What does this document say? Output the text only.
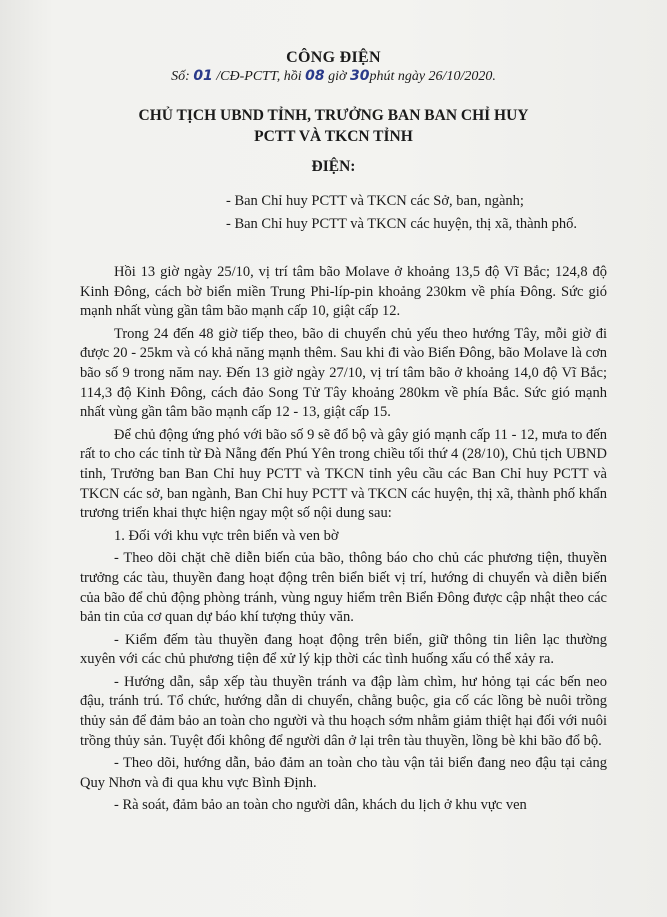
CÔNG ĐIỆN
Số: 01 /CĐ-PCTT, hồi 08 giờ 30phút ngày 26/10/2020.
CHỦ TỊCH UBND TỈNH, TRƯỞNG BAN BAN CHỈ HUY
PCTT VÀ TKCN TỈNH
ĐIỆN:
- Ban Chỉ huy PCTT và TKCN các Sở, ban, ngành;
- Ban Chỉ huy PCTT và TKCN các huyện, thị xã, thành phố.

Hồi 13 giờ ngày 25/10, vị trí tâm bão Molave ở khoảng 13,5 độ Vĩ Bắc; 124,8 độ Kinh Đông, cách bờ biển miền Trung Phi-líp-pin khoảng 230km về phía Đông. Sức gió mạnh nhất vùng gần tâm bão mạnh cấp 10, giật cấp 12.

Trong 24 đến 48 giờ tiếp theo, bão di chuyển chủ yếu theo hướng Tây, mỗi giờ đi được 20 - 25km và có khả năng mạnh thêm. Sau khi đi vào Biển Đông, bão Molave là cơn bão số 9 trong năm nay. Đến 13 giờ ngày 27/10, vị trí tâm bão ở khoảng 14,0 độ Vĩ Bắc; 114,3 độ Kinh Đông, cách đảo Song Tử Tây khoảng 280km về phía Bắc. Sức gió mạnh nhất vùng gần tâm bão mạnh cấp 12 - 13, giật cấp 15.

Để chủ động ứng phó với bão số 9 sẽ đổ bộ và gây gió mạnh cấp 11 - 12, mưa to đến rất to cho các tỉnh từ Đà Nẵng đến Phú Yên trong chiều tối thứ 4 (28/10), Chủ tịch UBND tỉnh, Trưởng ban Ban Chỉ huy PCTT và TKCN tỉnh yêu cầu các Ban Chỉ huy PCTT và TKCN các sở, ban ngành, Ban Chỉ huy PCTT và TKCN các huyện, thị xã, thành phố khẩn trương triển khai thực hiện ngay một số nội dung sau:

1. Đối với khu vực trên biển và ven bờ

- Theo dõi chặt chẽ diễn biến của bão, thông báo cho chủ các phương tiện, thuyền trưởng các tàu, thuyền đang hoạt động trên biển biết vị trí, hướng di chuyển và diễn biến của bão để chủ động phòng tránh, vùng nguy hiểm trên Biển Đông được cập nhật theo các bản tin của cơ quan dự báo khí tượng thủy văn.

- Kiểm đếm tàu thuyền đang hoạt động trên biển, giữ thông tin liên lạc thường xuyên với các chủ phương tiện để xử lý kịp thời các tình huống xấu có thể xảy ra.

- Hướng dẫn, sắp xếp tàu thuyền tránh va đập làm chìm, hư hỏng tại các bến neo đậu, tránh trú. Tổ chức, hướng dẫn di chuyển, chằng buộc, gia cố các lồng bè nuôi trồng thủy sản để đảm bảo an toàn cho người và thu hoạch sớm nhằm giảm thiệt hại đối với nuôi trồng thủy sản. Tuyệt đối không để người dân ở lại trên tàu thuyền, lồng bè khi bão đổ bộ.

- Theo dõi, hướng dẫn, bảo đảm an toàn cho tàu vận tải biển đang neo đậu tại cảng Quy Nhơn và đi qua khu vực Bình Định.

- Rà soát, đảm bảo an toàn cho người dân, khách du lịch ở khu vực ven
